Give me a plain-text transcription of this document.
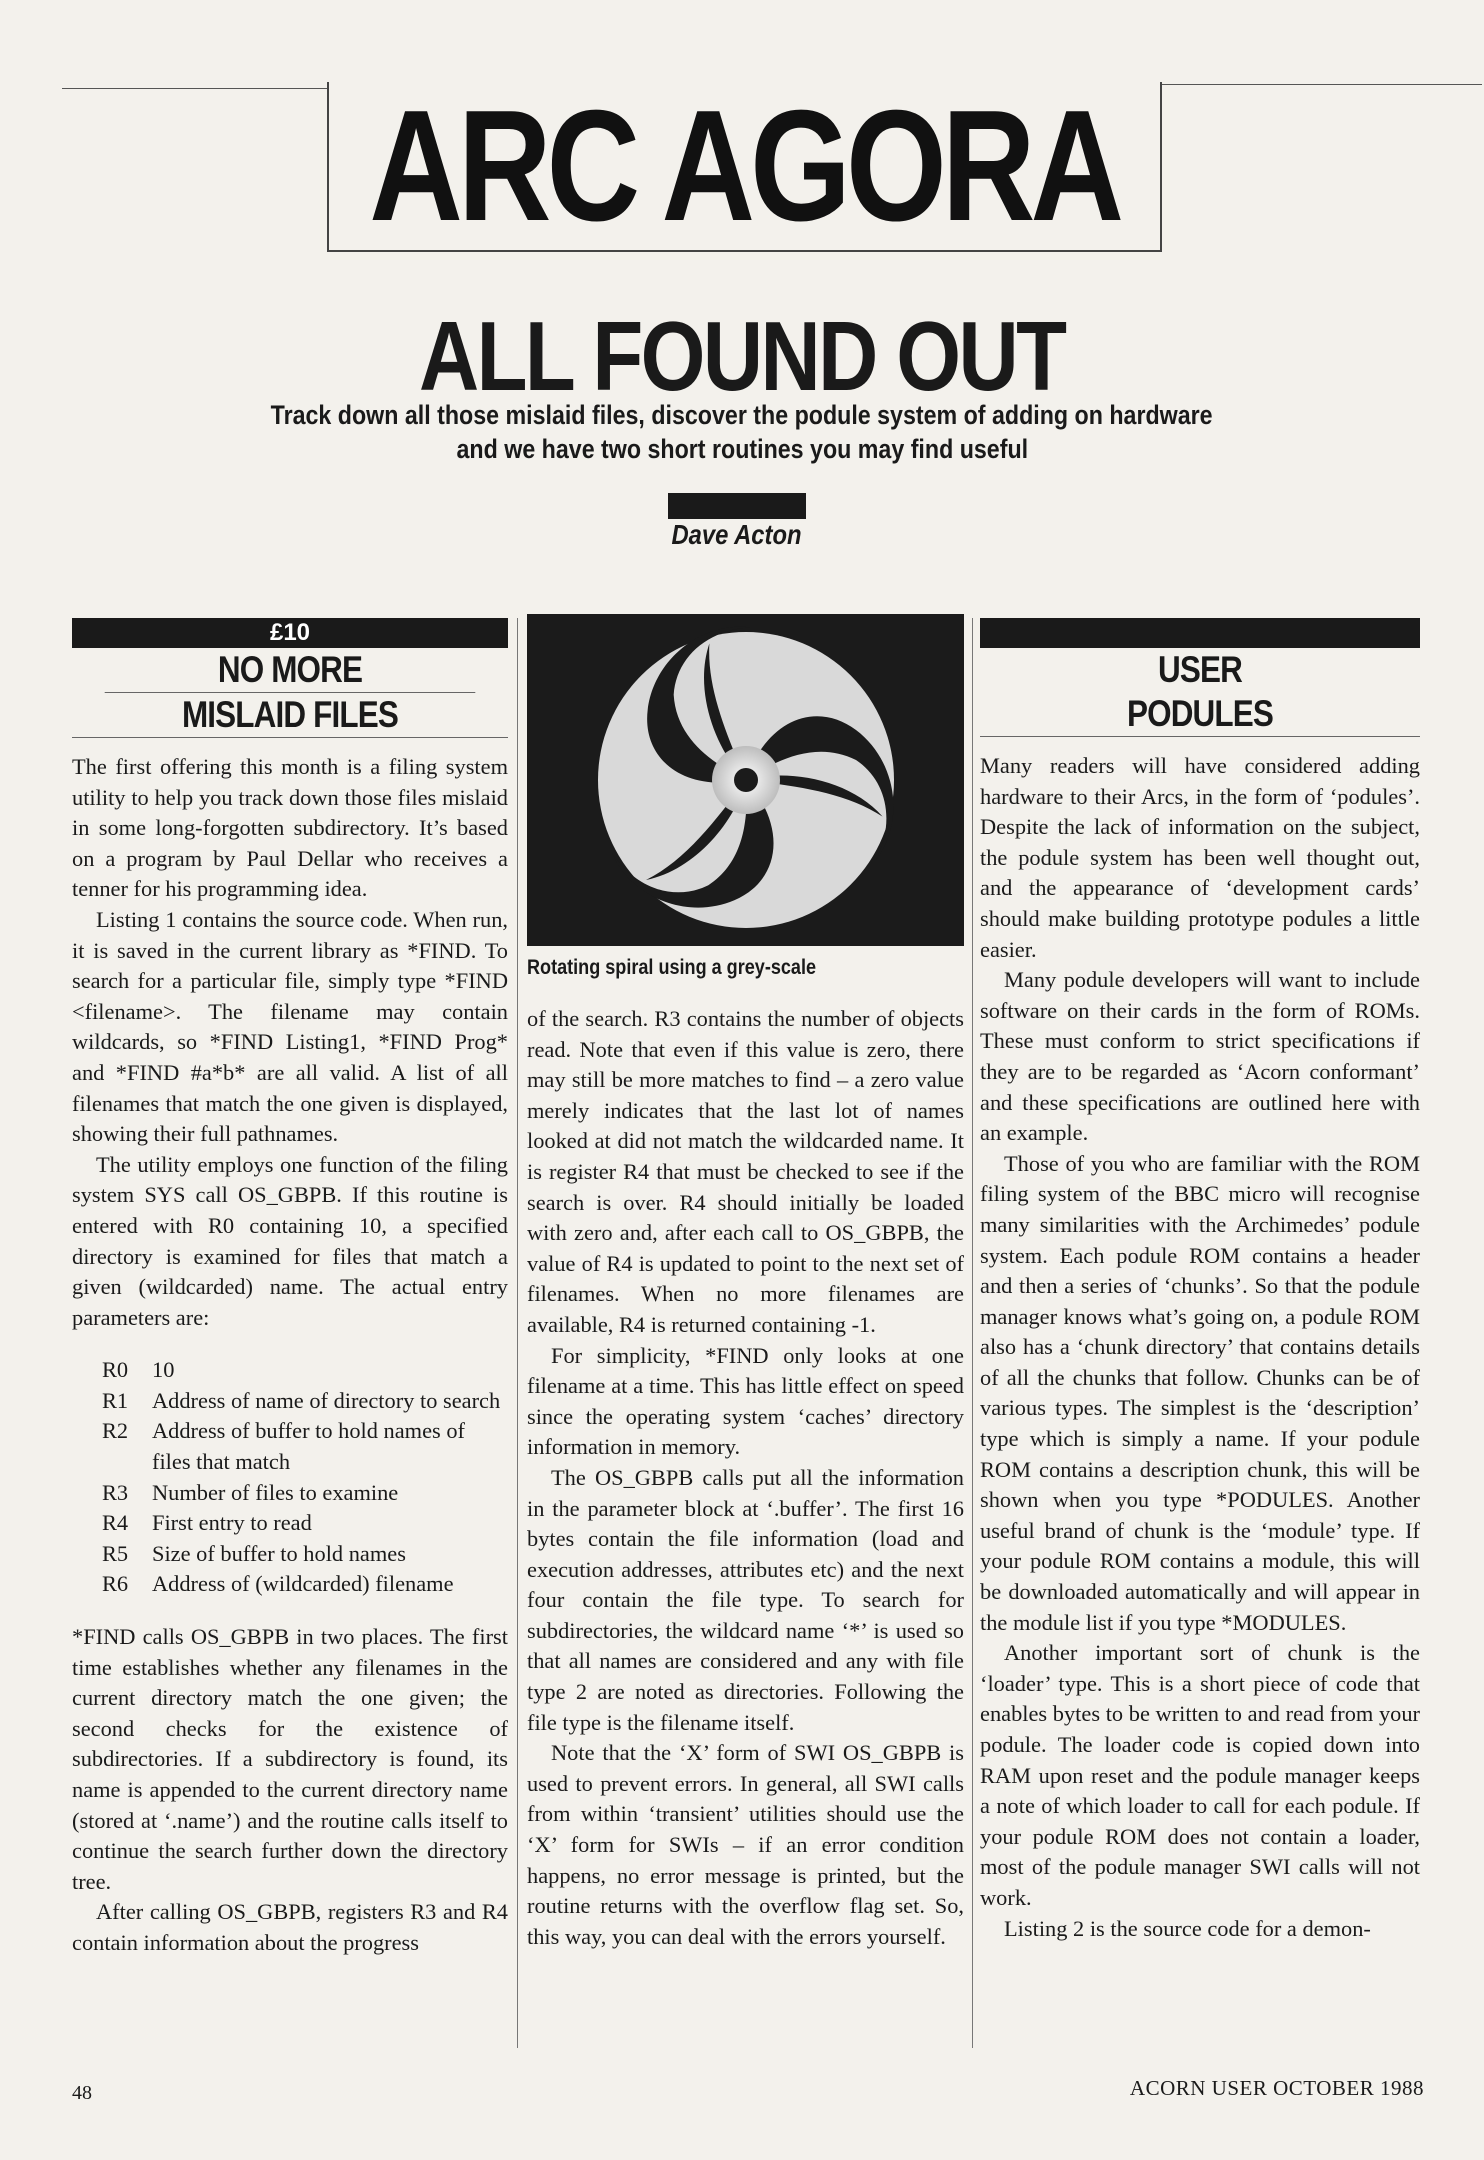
ARC AGORA
ALL FOUND OUT
Track down all those mislaid files, discover the podule system of adding on hardware
and we have two short routines you may find useful
Dave Acton
£10
NO MORE
MISLAID FILES

The first offering this month is a filing system utility to help you track down those files mislaid in some long-forgotten subdirectory. It’s based on a program by Paul Dellar who receives a tenner for his programming idea.

Listing 1 contains the source code. When run, it is saved in the current library as *FIND. To search for a particular file, simply type *FIND <filename>. The filename may contain wildcards, so *FIND Listing1, *FIND Prog* and *FIND #a*b* are all valid. A list of all filenames that match the one given is displayed, showing their full pathnames.

The utility employs one function of the filing system SYS call OS_GBPB. If this routine is entered with R0 containing 10, a specified directory is examined for files that match a given (wildcarded) name. The actual entry parameters are:

R0	10
R1	Address of name of directory to search
R2	Address of buffer to hold names of files that match
R3	Number of files to examine
R4	First entry to read
R5	Size of buffer to hold names
R6	Address of (wildcarded) filename

*FIND calls OS_GBPB in two places. The first time establishes whether any filenames in the current directory match the one given; the second checks for the existence of subdirectories. If a subdirectory is found, its name is appended to the current directory name (stored at ‘.name’) and the routine calls itself to continue the search further down the directory tree.

After calling OS_GBPB, registers R3 and R4 contain information about the progress

Rotating spiral using a grey-scale

of the search. R3 contains the number of objects read. Note that even if this value is zero, there may still be more matches to find – a zero value merely indicates that the last lot of names looked at did not match the wildcarded name. It is register R4 that must be checked to see if the search is over. R4 should initially be loaded with zero and, after each call to OS_GBPB, the value of R4 is updated to point to the next set of filenames. When no more filenames are available, R4 is returned containing -1.

For simplicity, *FIND only looks at one filename at a time. This has little effect on speed since the operating system ‘caches’ directory information in memory.

The OS_GBPB calls put all the information in the parameter block at ‘.buffer’. The first 16 bytes contain the file information (load and execution addresses, attributes etc) and the next four contain the file type. To search for subdirectories, the wildcard name ‘*’ is used so that all names are considered and any with file type 2 are noted as directories. Following the file type is the filename itself.

Note that the ‘X’ form of SWI OS_GBPB is used to prevent errors. In general, all SWI calls from within ‘transient’ utilities should use the ‘X’ form for SWIs – if an error condition happens, no error message is printed, but the routine returns with the overflow flag set. So, this way, you can deal with the errors yourself.

USER
PODULES

Many readers will have considered adding hardware to their Arcs, in the form of ‘podules’. Despite the lack of information on the subject, the podule system has been well thought out, and the appearance of ‘development cards’ should make building prototype podules a little easier.

Many podule developers will want to include software on their cards in the form of ROMs. These must conform to strict specifications if they are to be regarded as ‘Acorn conformant’ and these specifications are outlined here with an example.

Those of you who are familiar with the ROM filing system of the BBC micro will recognise many similarities with the Archimedes’ podule system. Each podule ROM contains a header and then a series of ‘chunks’. So that the podule manager knows what’s going on, a podule ROM also has a ‘chunk directory’ that contains details of all the chunks that follow. Chunks can be of various types. The simplest is the ‘description’ type which is simply a name. If your podule ROM contains a description chunk, this will be shown when you type *PODULES. Another useful brand of chunk is the ‘module’ type. If your podule ROM contains a module, this will be downloaded automatically and will appear in the module list if you type *MODULES.

Another important sort of chunk is the ‘loader’ type. This is a short piece of code that enables bytes to be written to and read from your podule. The loader code is copied down into RAM upon reset and the podule manager keeps a note of which loader to call for each podule. If your podule ROM does not contain a loader, most of the podule manager SWI calls will not work.

Listing 2 is the source code for a demon-

48	ACORN USER OCTOBER 1988
